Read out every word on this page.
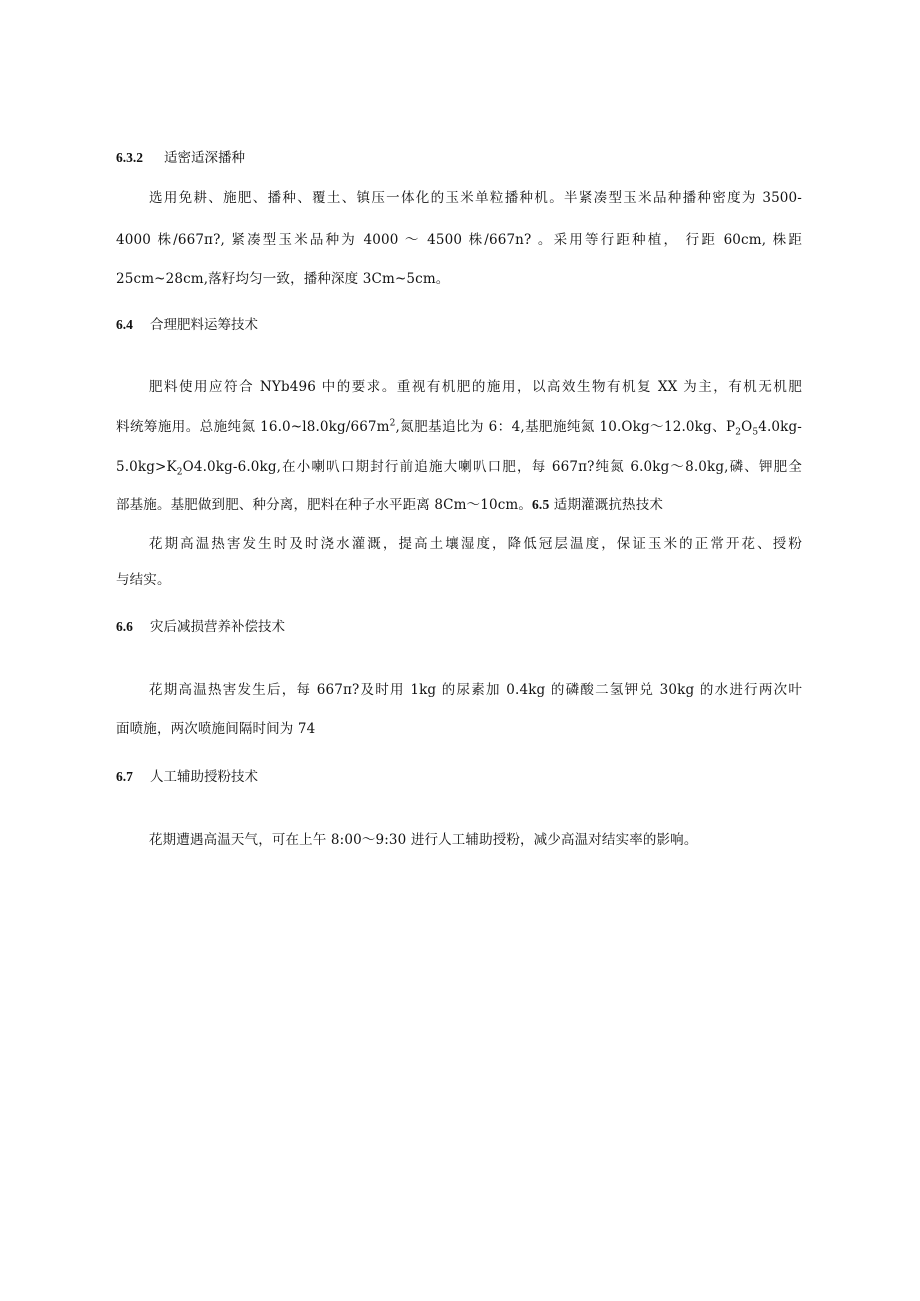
6.3.2 适密适深播种
选用免耕、施肥、播种、覆土、镇压一体化的玉米单粒播种机。半紧凑型玉米品种播种密度为 3500-
4000 株/667π?, 紧凑型玉米品种为 4000 ～ 4500 株/667n? 。采用等行距种植， 行距 60cm, 株距
25cm~28cm,落籽均匀一致，播种深度 3Cm~5cm。
6.4 合理肥料运筹技术
肥料使用应符合 NYb496 中的要求。重视有机肥的施用，以高效生物有机复 XX 为主，有机无机肥
料统筹施用。总施纯氮 $16.0\sim l8.0kg/667m^2$,氮肥基追比为 6：4,基肥施纯氮 10.Okg～12.0kg、$P_2O_54.0kg-$
$5.0kg>K_2O4.0kg-6.0kg$,在小喇叭口期封行前追施大喇叭口肥，每 667π?纯氮 6.0kg～8.0kg,磷、钾肥全
部基施。基肥做到肥、种分离，肥料在种子水平距离 8Cm～10cm。6.5 适期灌溉抗热技术
花期高温热害发生时及时浇水灌溉，提高土壤湿度，降低冠层温度，保证玉米的正常开花、授粉
与结实。
6.6 灾后减损营养补偿技术
花期高温热害发生后，每 667π?及时用 1kg 的尿素加 0.4kg 的磷酸二氢钾兑 30kg 的水进行两次叶
面喷施，两次喷施间隔时间为 74
6.7 人工辅助授粉技术
花期遭遇高温天气，可在上午 8:00～9:30 进行人工辅助授粉，减少高温对结实率的影响。
